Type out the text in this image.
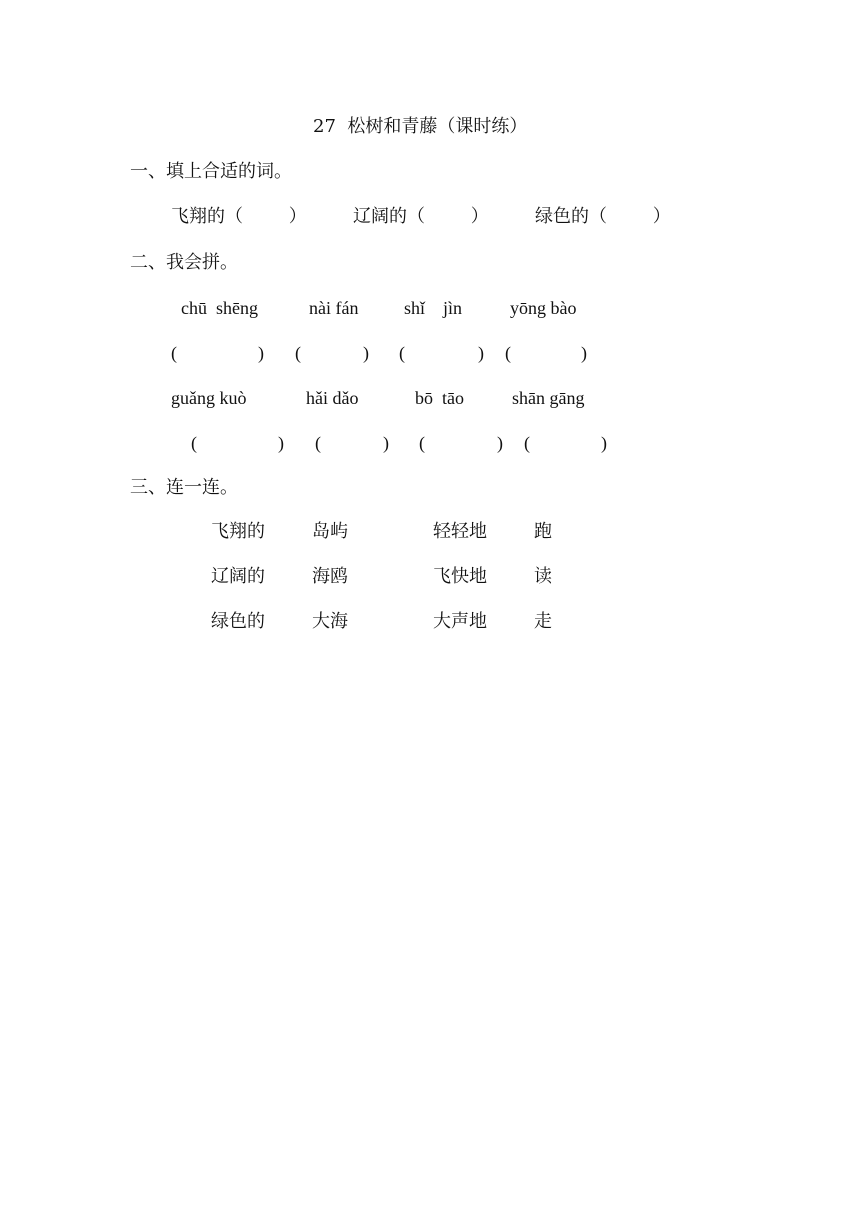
27  松树和青藤（课时练）
一、填上合适的词。
飞翔的（        ）	辽阔的（        ）	绿色的（        ）
二、我会拼。
chū  shēng	nài fán	shǐ    jìn	yōng bào
(	) (	) (	) (	)
guǎng kuò	hǎi dǎo	bō  tāo	shān gāng
(	) (	) (	) (	)
三、连一连。
飞翔的	岛屿	轻轻地	跑
辽阔的	海鸥	飞快地	读
绿色的	大海	大声地	走
